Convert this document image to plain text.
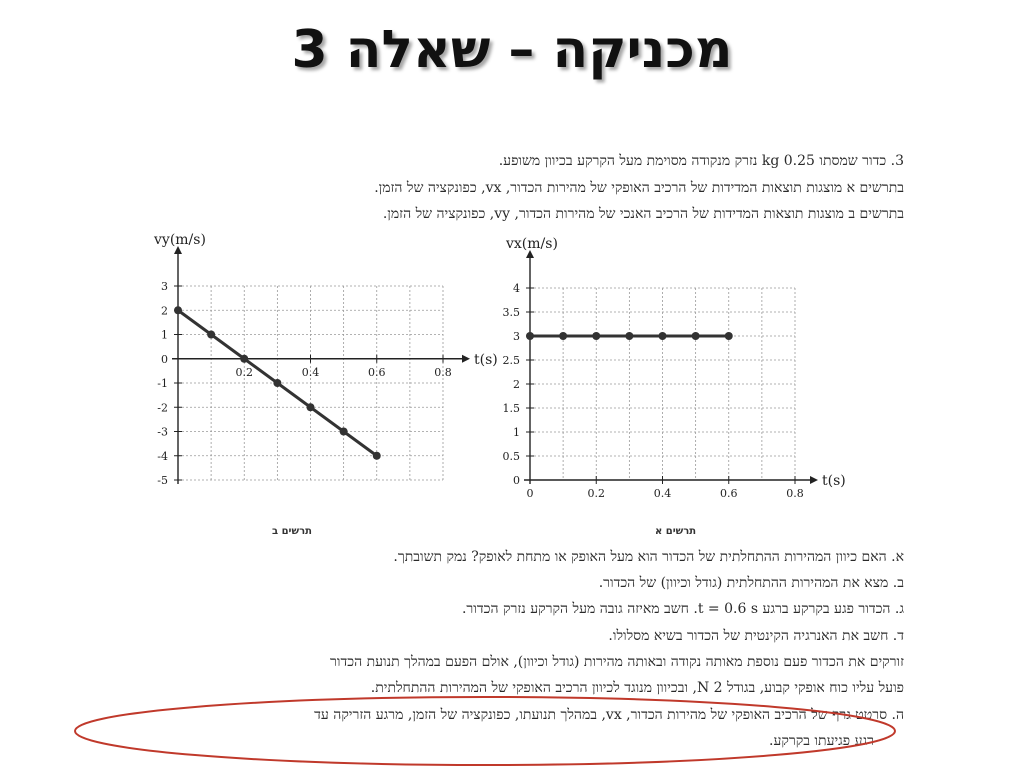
מכניקה – שאלה 3
3. כדור שמסתו 0.25 kg נזרק מנקודה מסוימת מעל הקרקע בכיוון משופע.
בתרשים א מוצגות תוצאות המדידות של הרכיב האופקי של מהירות הכדור, vx, כפונקציה של הזמן.
בתרשים ב מוצגות תוצאות המדידות של הרכיב האנכי של מהירות הכדור, vy, כפונקציה של הזמן.
3
2
1
0
-1
-2
-3
-4
-5
0.2	0.4	0.6	0.8
t(s)
vy(m/s)
0
0.5
1
1.5
2
2.5
3
3.5
4
0	0.2	0.4	0.6	0.8
t(s)
vx(m/s)
תרשים ב	תרשים א
א. האם כיוון המהירות ההתחלתית של הכדור הוא מעל האופק או מתחת לאופק? נמק תשובתך.
ב. מצא את המהירות ההתחלתית (גודל וכיוון) של הכדור.
ג. הכדור פגע בקרקע ברגע t = 0.6 s. חשב מאיזה גובה מעל הקרקע נזרק הכדור.
ד. חשב את האנרגיה הקינטית של הכדור בשיא מסלולו.
זורקים את הכדור פעם נוספת מאותה נקודה ובאותה מהירות (גודל וכיוון), אולם הפעם במהלך תנועת הכדור
פועל עליו כוח אופקי קבוע, בגודל N 2, ובכיוון מנוגד לכיוון הרכיב האופקי של המהירות ההתחלתית.
ה. סרטט גרף של הרכיב האופקי של מהירות הכדור, vx, במהלך תנועתו, כפונקציה של הזמן, מרגע הזריקה עד
רגע פגיעתו בקרקע.
